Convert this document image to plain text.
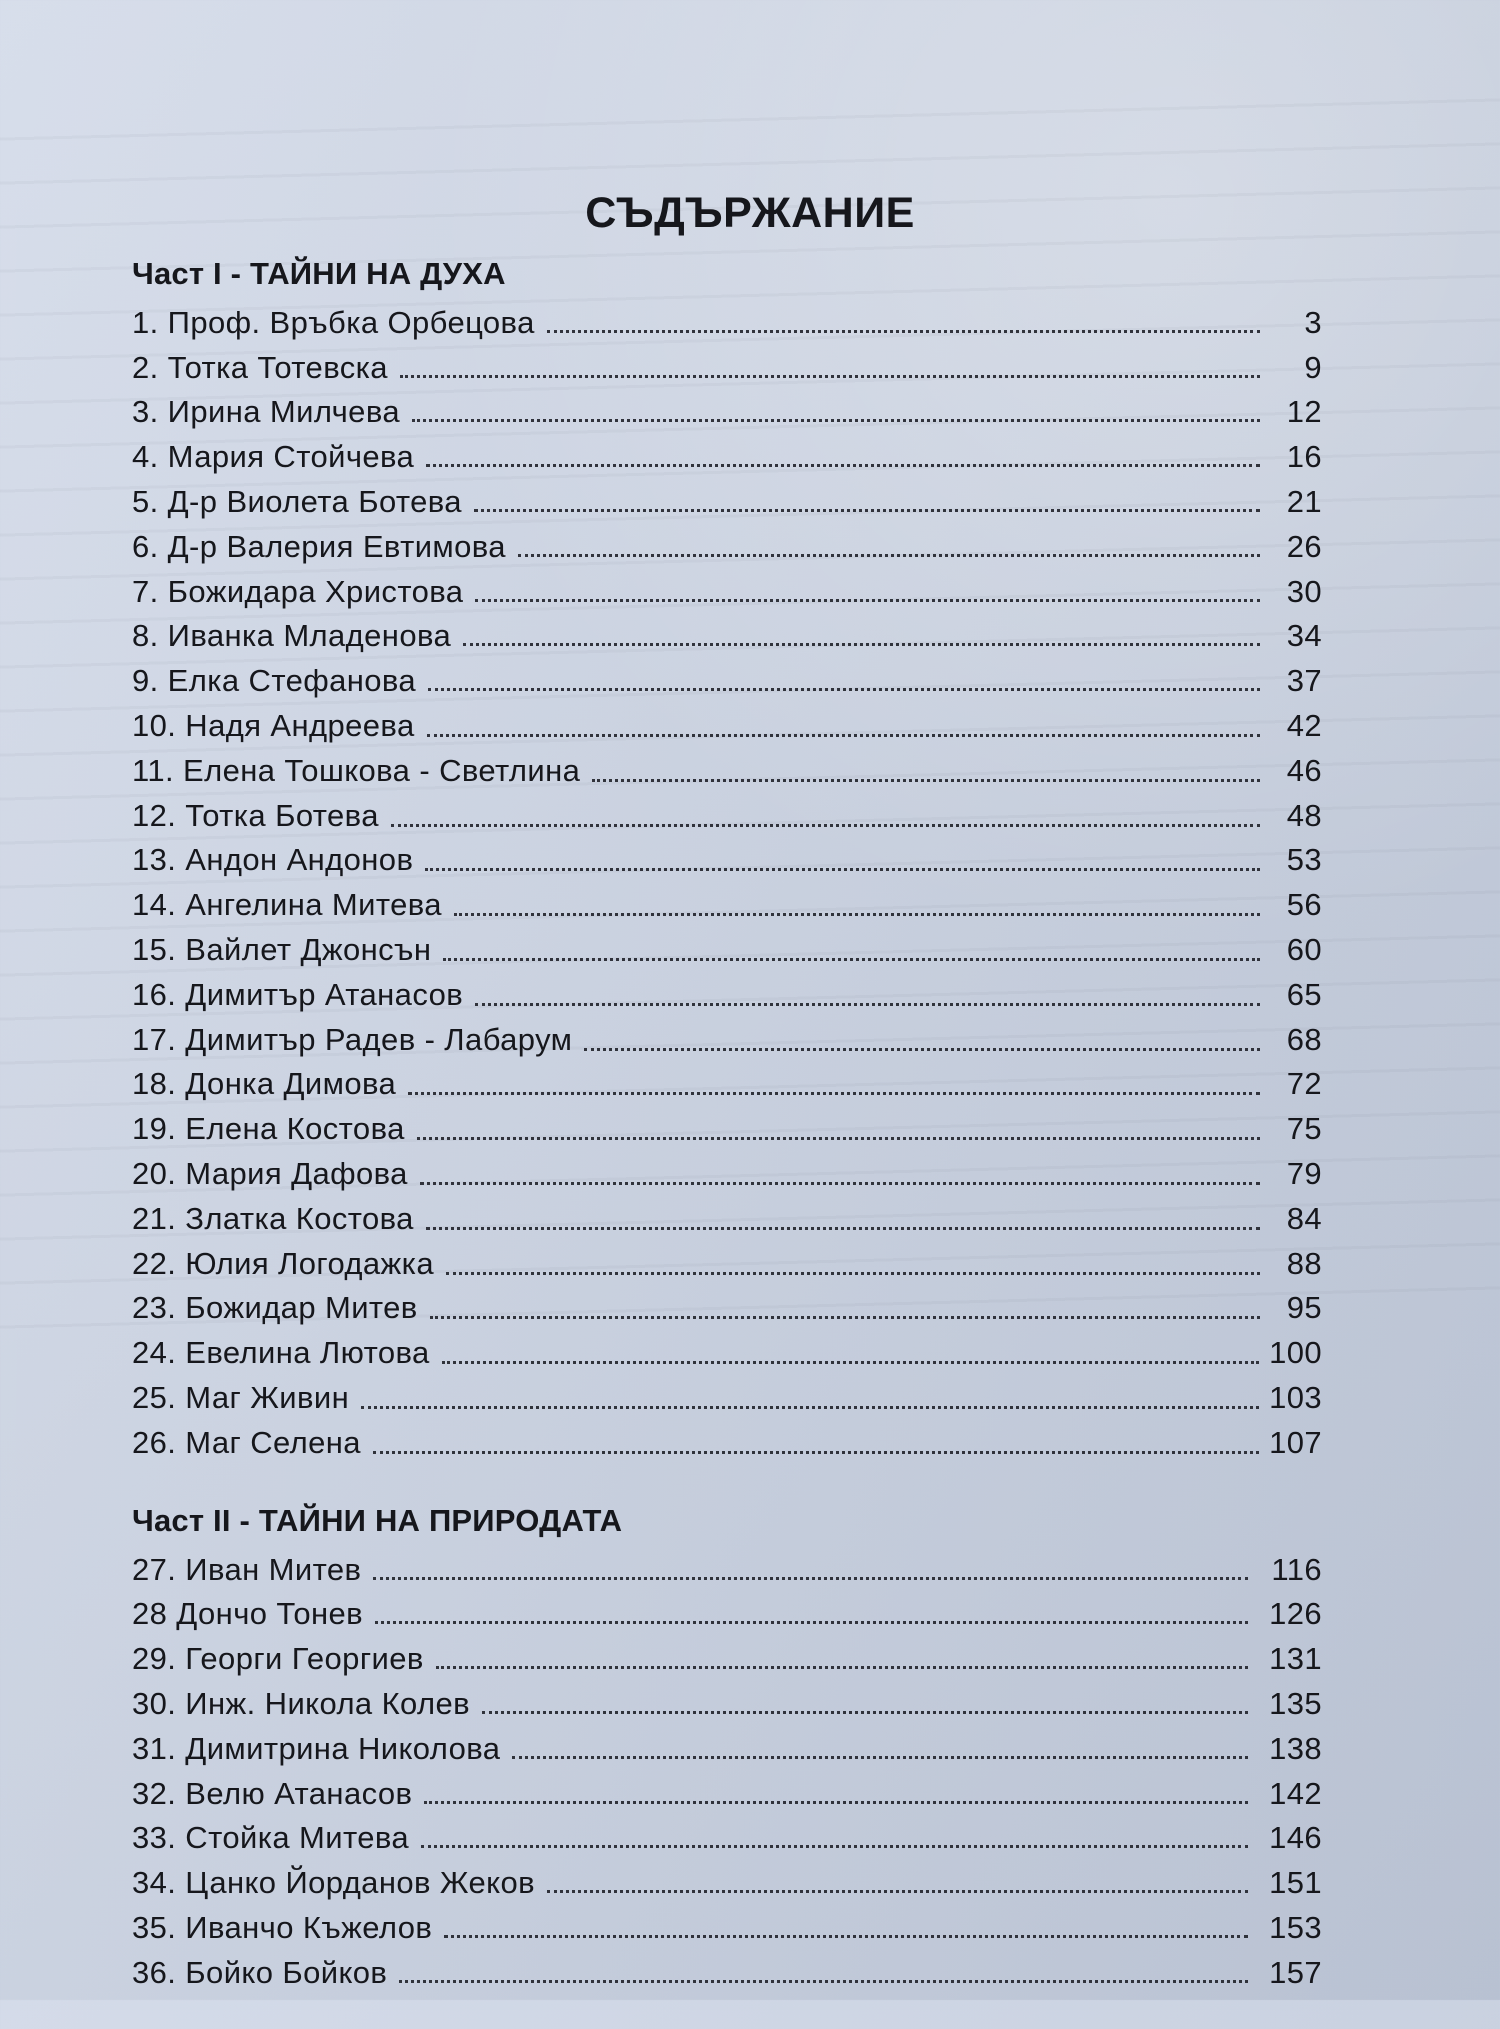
СЪДЪРЖАНИЕ
Част I - ТАЙНИ НА ДУХА
1. Проф. Връбка Орбецова	3
2. Тотка Тотевска	9
3. Ирина Милчева	12
4. Мария Стойчева	16
5. Д-р Виолета Ботева	21
6. Д-р Валерия Евтимова	26
7. Божидара Христова	30
8. Иванка Младенова	34
9. Елка Стефанова	37
10. Надя Андреева	42
11. Елена Тошкова - Светлина	46
12. Тотка Ботева	48
13. Андон Андонов	53
14. Ангелина Митева	56
15. Вайлет Джонсън	60
16. Димитър Атанасов	65
17. Димитър Радев - Лабарум	68
18. Донка Димова	72
19. Елена Костова	75
20. Мария Дафова	79
21. Златка Костова	84
22. Юлия Логодажка	88
23. Божидар Митев	95
24. Евелина Лютова	100
25. Маг Живин	103
26. Маг Селена	107
Част II - ТАЙНИ НА ПРИРОДАТА
27. Иван Митев	116
28 Дончо Тонев	126
29. Георги Георгиев	131
30. Инж. Никола Колев	135
31. Димитрина Николова	138
32. Велю Атанасов	142
33. Стойка Митева	146
34. Цанко Йорданов Жеков	151
35. Иванчо Къжелов	153
36. Бойко Бойков	157
